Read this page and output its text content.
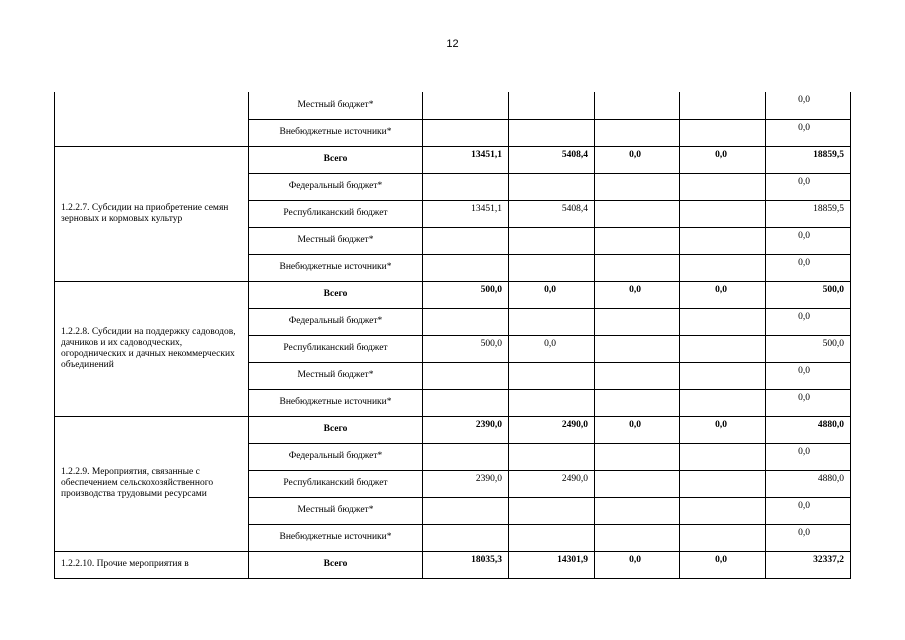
12
	Местный бюджет*					0,0
	Внебюджетные источники*					0,0
1.2.2.7. Субсидии на приобретение семян зерновых и кормовых культур	Всего	13451,1	5408,4	0,0	0,0	18859,5
	Федеральный бюджет*					0,0
	Республиканский бюджет	13451,1	5408,4			18859,5
	Местный бюджет*					0,0
	Внебюджетные источники*					0,0
1.2.2.8. Субсидии на поддержку садоводов, дачников и их садоводческих, огороднических и дачных некоммерческих объединений	Всего	500,0	0,0	0,0	0,0	500,0
	Федеральный бюджет*					0,0
	Республиканский бюджет	500,0	0,0			500,0
	Местный бюджет*					0,0
	Внебюджетные источники*					0,0
1.2.2.9. Мероприятия, связанные с обеспечением сельскохозяйственного производства трудовыми ресурсами	Всего	2390,0	2490,0	0,0	0,0	4880,0
	Федеральный бюджет*					0,0
	Республиканский бюджет	2390,0	2490,0			4880,0
	Местный бюджет*					0,0
	Внебюджетные источники*					0,0
1.2.2.10. Прочие мероприятия в	Всего	18035,3	14301,9	0,0	0,0	32337,2
